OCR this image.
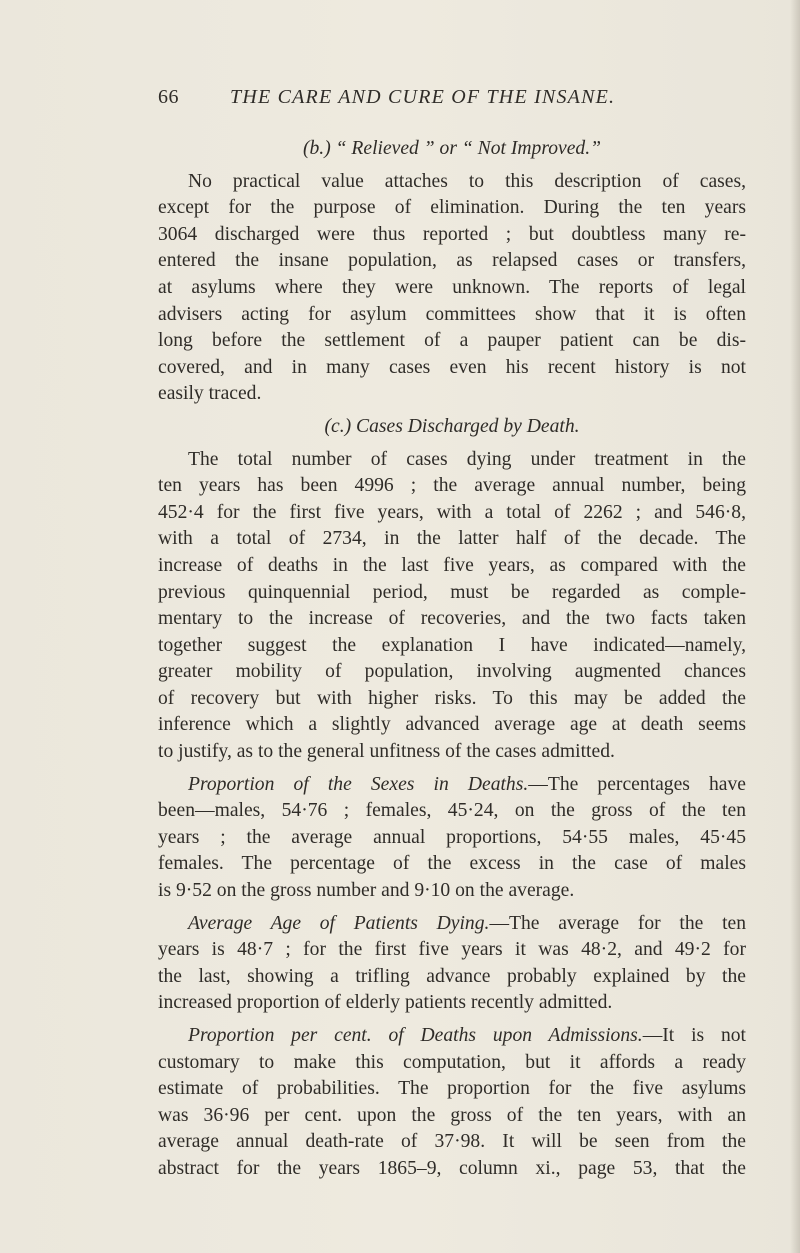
66	THE CARE AND CURE OF THE INSANE.
(b.) “ Relieved ” or “ Not Improved.”
No practical value attaches to this description of cases,
except for the purpose of elimination. During the ten years
3064 discharged were thus reported ; but doubtless many re-
entered the insane population, as relapsed cases or transfers,
at asylums where they were unknown. The reports of legal
advisers acting for asylum committees show that it is often
long before the settlement of a pauper patient can be dis-
covered, and in many cases even his recent history is not
easily traced.
(c.) Cases Discharged by Death.
The total number of cases dying under treatment in the
ten years has been 4996 ; the average annual number, being
452·4 for the first five years, with a total of 2262 ; and 546·8,
with a total of 2734, in the latter half of the decade. The
increase of deaths in the last five years, as compared with the
previous quinquennial period, must be regarded as comple-
mentary to the increase of recoveries, and the two facts taken
together suggest the explanation I have indicated—namely,
greater mobility of population, involving augmented chances
of recovery but with higher risks. To this may be added the
inference which a slightly advanced average age at death seems
to justify, as to the general unfitness of the cases admitted.
Proportion of the Sexes in Deaths.—The percentages have
been—males, 54·76 ; females, 45·24, on the gross of the ten
years ; the average annual proportions, 54·55 males, 45·45
females. The percentage of the excess in the case of males
is 9·52 on the gross number and 9·10 on the average.
Average Age of Patients Dying.—The average for the ten
years is 48·7 ; for the first five years it was 48·2, and 49·2 for
the last, showing a trifling advance probably explained by the
increased proportion of elderly patients recently admitted.
Proportion per cent. of Deaths upon Admissions.—It is not
customary to make this computation, but it affords a ready
estimate of probabilities. The proportion for the five asylums
was 36·96 per cent. upon the gross of the ten years, with an
average annual death-rate of 37·98. It will be seen from the
abstract for the years 1865–9, column xi., page 53, that the
